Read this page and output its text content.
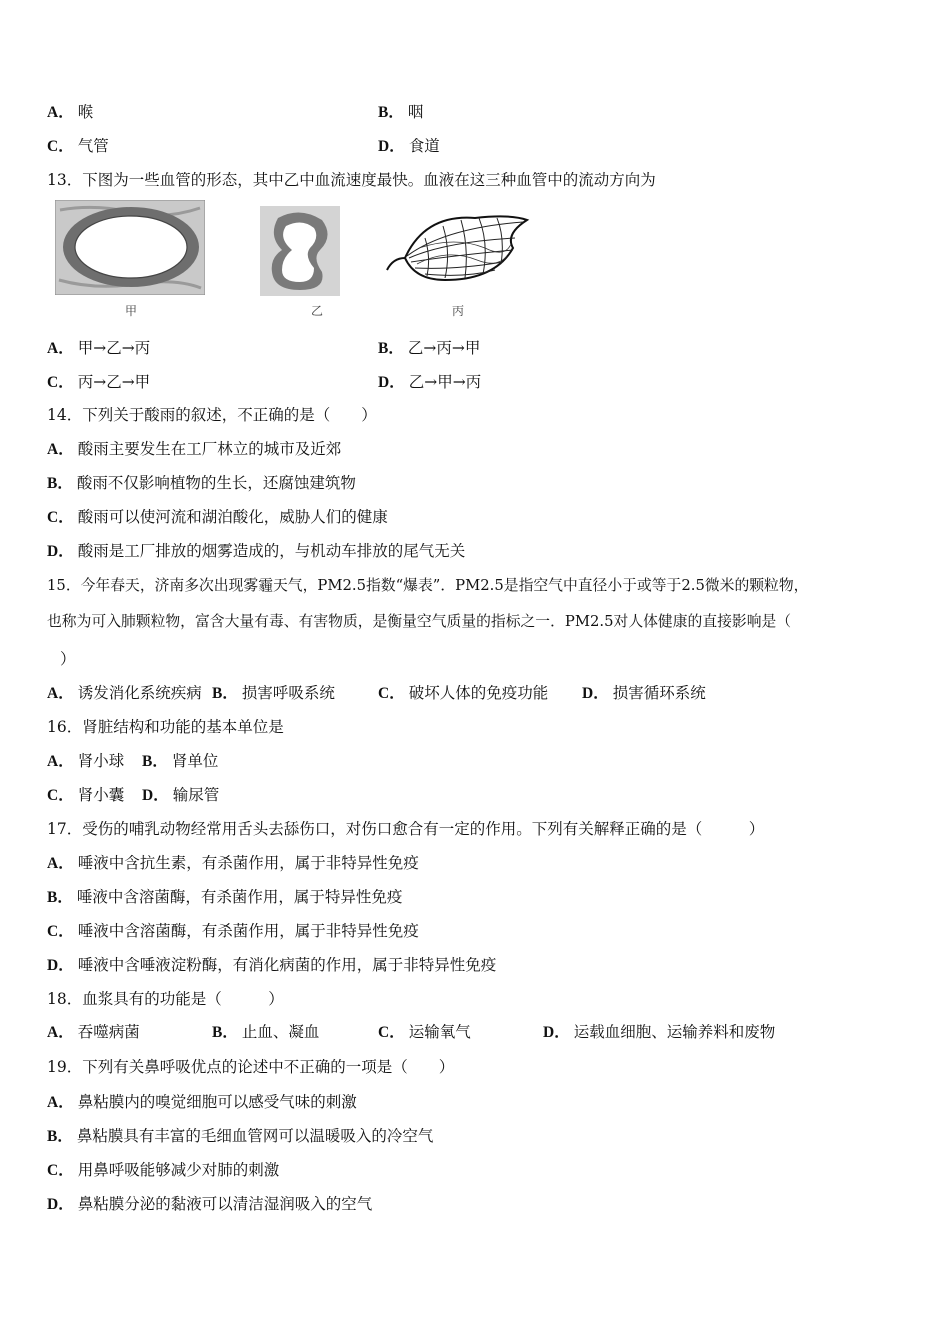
A． 喉	B． 咽
C． 气管	D． 食道
13．下图为一些血管的形态，其中乙中血流速度最快。血液在这三种血管中的流动方向为
甲	乙	丙
A． 甲→乙→丙	B． 乙→丙→甲
C． 丙→乙→甲	D． 乙→甲→丙
14．下列关于酸雨的叙述，不正确的是（　　）
A． 酸雨主要发生在工厂林立的城市及近郊
B． 酸雨不仅影响植物的生长，还腐蚀建筑物
C． 酸雨可以使河流和湖泊酸化，威胁人们的健康
D． 酸雨是工厂排放的烟雾造成的，与机动车排放的尾气无关
15．今年春天，济南多次出现雾霾天气，PM2.5指数“爆表”．PM2.5是指空气中直径小于或等于2.5微米的颗粒物，
也称为可入肺颗粒物，富含大量有毒、有害物质，是衡量空气质量的指标之一．PM2.5对人体健康的直接影响是（
）
A． 诱发消化系统疾病 B． 损害呼吸系统	C． 破坏人体的免疫功能 D． 损害循环系统
16．肾脏结构和功能的基本单位是
A． 肾小球 B． 肾单位
C． 肾小囊 D． 输尿管
17．受伤的哺乳动物经常用舌头去舔伤口，对伤口愈合有一定的作用。下列有关解释正确的是（　　　）
A． 唾液中含抗生素，有杀菌作用，属于非特异性免疫
B． 唾液中含溶菌酶，有杀菌作用，属于特异性免疫
C． 唾液中含溶菌酶，有杀菌作用，属于非特异性免疫
D． 唾液中含唾液淀粉酶，有消化病菌的作用，属于非特异性免疫
18．血浆具有的功能是（　　　）
A． 吞噬病菌	B． 止血、凝血	C． 运输氧气	D． 运载血细胞、运输养料和废物
19．下列有关鼻呼吸优点的论述中不正确的一项是（　　）
A． 鼻粘膜内的嗅觉细胞可以感受气味的刺激
B． 鼻粘膜具有丰富的毛细血管网可以温暖吸入的冷空气
C． 用鼻呼吸能够减少对肺的刺激
D． 鼻粘膜分泌的黏液可以清洁湿润吸入的空气
